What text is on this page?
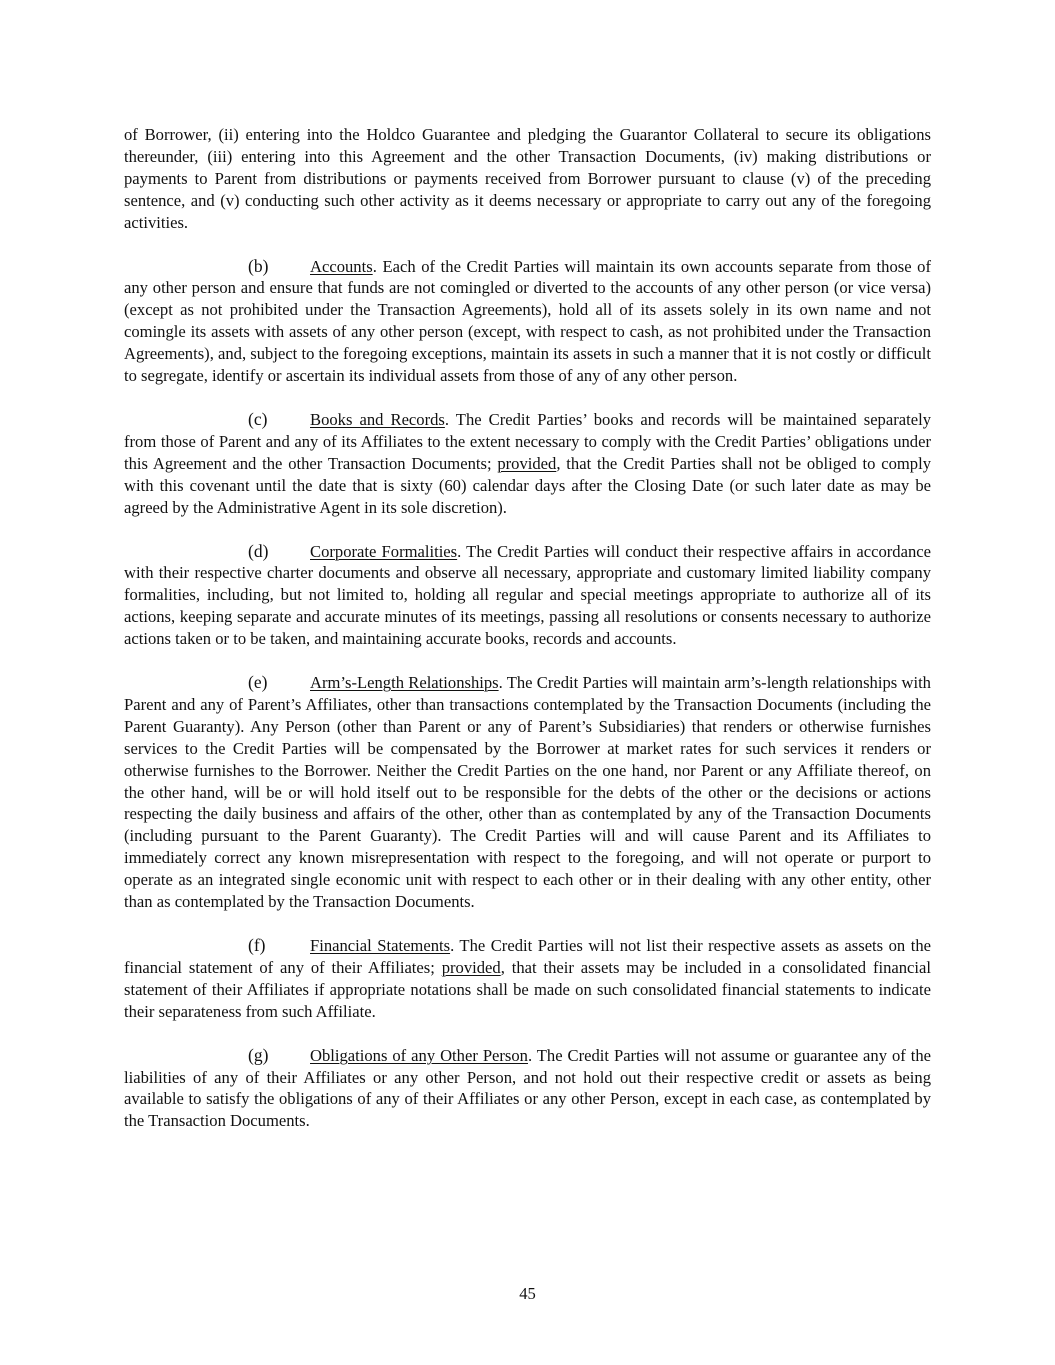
of Borrower, (ii) entering into the Holdco Guarantee and pledging the Guarantor Collateral to secure its obligations thereunder, (iii) entering into this Agreement and the other Transaction Documents, (iv) making distributions or payments to Parent from distributions or payments received from Borrower pursuant to clause (v) of the preceding sentence, and (v) conducting such other activity as it deems necessary or appropriate to carry out any of the foregoing activities.

(b)	Accounts. Each of the Credit Parties will maintain its own accounts separate from those of any other person and ensure that funds are not comingled or diverted to the accounts of any other person (or vice versa) (except as not prohibited under the Transaction Agreements), hold all of its assets solely in its own name and not comingle its assets with assets of any other person (except, with respect to cash, as not prohibited under the Transaction Agreements), and, subject to the foregoing exceptions, maintain its assets in such a manner that it is not costly or difficult to segregate, identify or ascertain its individual assets from those of any of any other person.

(c)	Books and Records. The Credit Parties’ books and records will be maintained separately from those of Parent and any of its Affiliates to the extent necessary to comply with the Credit Parties’ obligations under this Agreement and the other Transaction Documents; provided, that the Credit Parties shall not be obliged to comply with this covenant until the date that is sixty (60) calendar days after the Closing Date (or such later date as may be agreed by the Administrative Agent in its sole discretion).

(d)	Corporate Formalities. The Credit Parties will conduct their respective affairs in accordance with their respective charter documents and observe all necessary, appropriate and customary limited liability company formalities, including, but not limited to, holding all regular and special meetings appropriate to authorize all of its actions, keeping separate and accurate minutes of its meetings, passing all resolutions or consents necessary to authorize actions taken or to be taken, and maintaining accurate books, records and accounts.

(e)	Arm’s-Length Relationships. The Credit Parties will maintain arm’s-length relationships with Parent and any of Parent’s Affiliates, other than transactions contemplated by the Transaction Documents (including the Parent Guaranty). Any Person (other than Parent or any of Parent’s Subsidiaries) that renders or otherwise furnishes services to the Credit Parties will be compensated by the Borrower at market rates for such services it renders or otherwise furnishes to the Borrower. Neither the Credit Parties on the one hand, nor Parent or any Affiliate thereof, on the other hand, will be or will hold itself out to be responsible for the debts of the other or the decisions or actions respecting the daily business and affairs of the other, other than as contemplated by any of the Transaction Documents (including pursuant to the Parent Guaranty). The Credit Parties will and will cause Parent and its Affiliates to immediately correct any known misrepresentation with respect to the foregoing, and will not operate or purport to operate as an integrated single economic unit with respect to each other or in their dealing with any other entity, other than as contemplated by the Transaction Documents.

(f)	Financial Statements. The Credit Parties will not list their respective assets as assets on the financial statement of any of their Affiliates; provided, that their assets may be included in a consolidated financial statement of their Affiliates if appropriate notations shall be made on such consolidated financial statements to indicate their separateness from such Affiliate.

(g)	Obligations of any Other Person. The Credit Parties will not assume or guarantee any of the liabilities of any of their Affiliates or any other Person, and not hold out their respective credit or assets as being available to satisfy the obligations of any of their Affiliates or any other Person, except in each case, as contemplated by the Transaction Documents.

45
